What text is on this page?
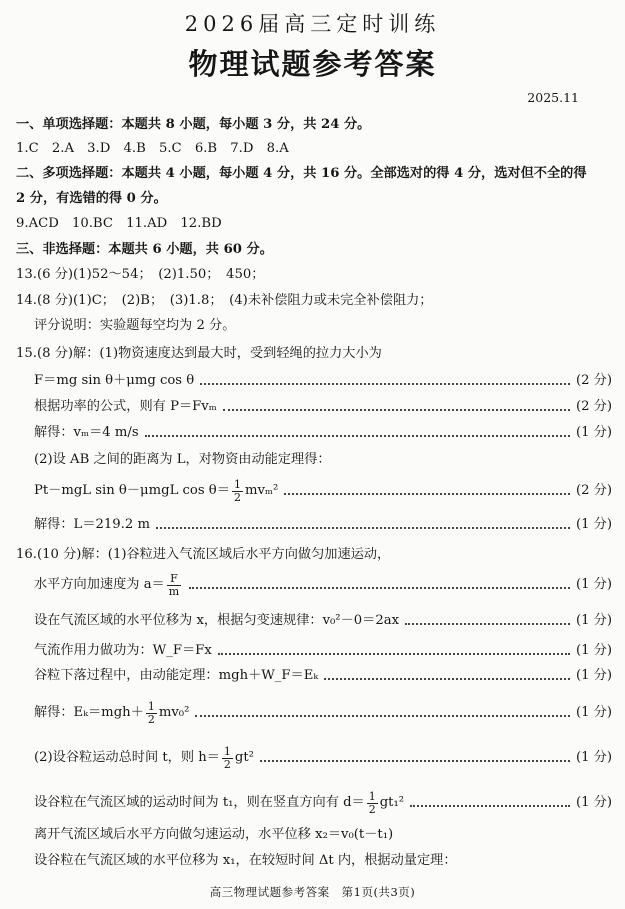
2026届高三定时训练
物理试题参考答案
2025.11
一、单项选择题：本题共 8 小题，每小题 3 分，共 24 分。
1.C　2.A　3.D　4.B　5.C　6.B　7.D　8.A
二、多项选择题：本题共 4 小题，每小题 4 分，共 16 分。全部选对的得 4 分，选对但不全的得
2 分，有选错的得 0 分。
9.ACD　10.BC　11.AD　12.BD
三、非选择题：本题共 6 小题，共 60 分。
13.(6 分)(1)52～54；　(2)1.50；　450；
14.(8 分)(1)C；　(2)B；　(3)1.8；　(4)未补偿阻力或未完全补偿阻力；
评分说明：实验题每空均为 2 分。
15.(8 分)解：(1)物资速度达到最大时，受到轻绳的拉力大小为
F＝mg sin θ＋μmg cos θ	(2 分)
根据功率的公式，则有 P＝Fvₘ	(2 分)
解得：vₘ＝4 m/s	(1 分)
(2)设 AB 之间的距离为 L，对物资由动能定理得：
Pt－mgL sin θ－μmgL $\cos \theta= \frac{1}{2} mv_m^2$	(2 分)
解得：L＝219.2 m	(1 分)
16.(10 分)解：(1)谷粒进入气流区域后水平方向做匀加速运动，
水平方向加速度为 $a= \frac{F}{m}$	(1 分)
设在气流区域的水平位移为 x，根据匀变速规律：v₀²－0＝2ax	(1 分)
气流作用力做功为：W_F＝Fx	(1 分)
谷粒下落过程中，由动能定理：mgh＋W_F＝Eₖ	(1 分)
解得：$E_k=mgh+ \frac{1}{2} mv_0^2$	(1 分)
(2)设谷粒运动总时间 t，则 $h= \frac{1}{2} gt^2$	(1 分)
设谷粒在气流区域的运动时间为 t₁，则在竖直方向有 $d= \frac{1}{2} gt_1^2$	(1 分)
离开气流区域后水平方向做匀速运动，水平位移 x₂＝v₀(t－t₁)
设谷粒在气流区域的水平位移为 x₁，在较短时间 Δt 内，根据动量定理：
高三物理试题参考答案　第1页(共3页)
